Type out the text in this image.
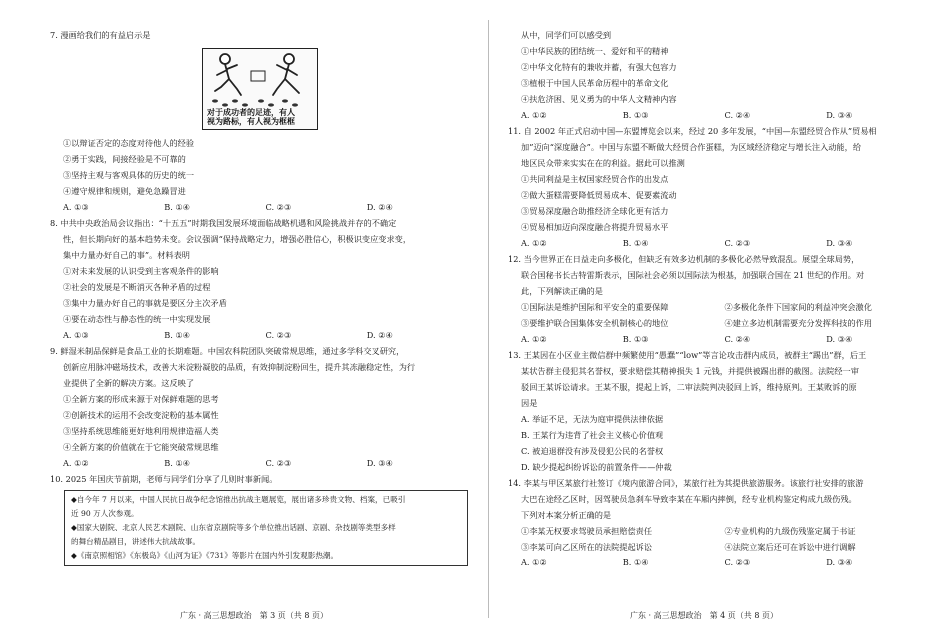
7. 漫画给我们的有益启示是

对于成功者的足迹，有人
视为路标，有人视为框框

①以辩证否定的态度对待他人的经验

②勇于实践，间接经验是不可靠的

③坚持主观与客观具体的历史的统一

④遵守规律和规则，避免急躁冒进

A. ①③	B. ①④	C. ②③	D. ②④

8. 中共中央政治局会议指出：“十五五”时期我国发展环境面临战略机遇和风险挑战并存的不确定

性，但长期向好的基本趋势未变。会议强调“保持战略定力，增强必胜信心，积极识变应变求变，

集中力量办好自己的事”。材料表明

①对未来发展的认识受到主客观条件的影响

②社会的发展是不断消灭各种矛盾的过程

③集中力量办好自己的事就是要区分主次矛盾

④要在动态性与静态性的统一中实现发展

A. ①③	B. ①④	C. ②③	D. ②④

9. 鲜湿米制品保鲜是食品工业的长期难题。中国农科院团队突破常规思维，通过多学科交叉研究，

创新应用脉冲磁场技术，改善大米淀粉凝胶的品质，有效抑制淀粉回生，提升其冻融稳定性，为行

业提供了全新的解决方案。这反映了

①全新方案的形成来源于对保鲜难题的思考

②创新技术的运用不会改变淀粉的基本属性

③坚持系统思维能更好地利用规律造福人类

④全新方案的价值就在于它能突破常规思维

A. ①②	B. ①④	C. ②③	D. ③④

10. 2025 年国庆节前期，老师与同学们分享了几则时事新闻。

◆自今年 7 月以来，中国人民抗日战争纪念馆推出抗战主题展览，展出诸多珍贵文物、档案，已吸引

近 90 万人次参观。

◆国家大剧院、北京人民艺术剧院、山东省京剧院等多个单位推出话剧、京剧、杂技剧等类型多样

的舞台精品剧目，讲述伟大抗战故事。

◆《南京照相馆》《东极岛》《山河为证》《731》等影片在国内外引发观影热潮。

从中，同学们可以感受到

①中华民族的团结统一、爱好和平的精神

②中华文化特有的兼收并蓄，有强大包容力

③植根于中国人民革命历程中的革命文化

④扶危济困、见义勇为的中华人文精神内容

A. ①②	B. ①③	C. ②④	D. ③④

11. 自 2002 年正式启动中国—东盟博览会以来，经过 20 多年发展，“中国—东盟经贸合作从”贸易相

加”迈向“深度融合”。中国与东盟不断做大经贸合作蛋糕，为区域经济稳定与增长注入动能，给

地区民众带来实实在在的利益。据此可以推测

①共同利益是主权国家经贸合作的出发点

②做大蛋糕需要降低贸易成本、促要素流动

③贸易深度融合助推经济全球化更有活力

④贸易相加迈向深度融合将提升贸易水平

A. ①②	B. ①④	C. ②③	D. ③④

12. 当今世界正在日益走向多极化，但缺乏有效多边机制的多极化必然导致混乱。展望全球局势，

联合国秘书长古特雷斯表示，国际社会必须以国际法为根基，加强联合国在 21 世纪的作用。对

此，下列解读正确的是

①国际法是维护国际和平安全的重要保障	②多极化条件下国家间的利益冲突会激化
③要维护联合国集体安全机制核心的地位	④建立多边机制需要充分发挥科技的作用
A. ①②	B. ①③	C. ②④	D. ③④

13. 王某因在小区业主微信群中频繁使用“愚蠢”“low”等言论攻击群内成员，被群主“踢出”群，后王

某状告群主侵犯其名誉权，要求赔偿其精神损失 1 元钱，并提供被踢出群的截图。法院经一审

驳回王某诉讼请求。王某不服，提起上诉，二审法院判决驳回上诉，维持原判。王某败诉的原

因是

A. 举证不足，无法为庭审提供法律依据

B. 王某行为违背了社会主义核心价值观

C. 被迫退群没有涉及侵犯公民的名誉权

D. 缺少提起纠纷诉讼的前置条件——仲裁

14. 李某与甲区某旅行社签订《境内旅游合同》，某旅行社为其提供旅游服务。该旅行社安排的旅游

大巴在途经乙区时，因驾驶员急刹车导致李某在车厢内摔倒，经专业机构鉴定构成九级伤残。

下列对本案分析正确的是

①李某无权要求驾驶员承担赔偿责任	②专业机构的九级伤残鉴定属于书证
③李某可向乙区所在的法院提起诉讼	④法院立案后还可在诉讼中进行调解
A. ①②	B. ①④	C. ②③	D. ③④
广东 · 高三思想政治　第 3 页（共 8 页）	广东 · 高三思想政治　第 4 页（共 8 页）
